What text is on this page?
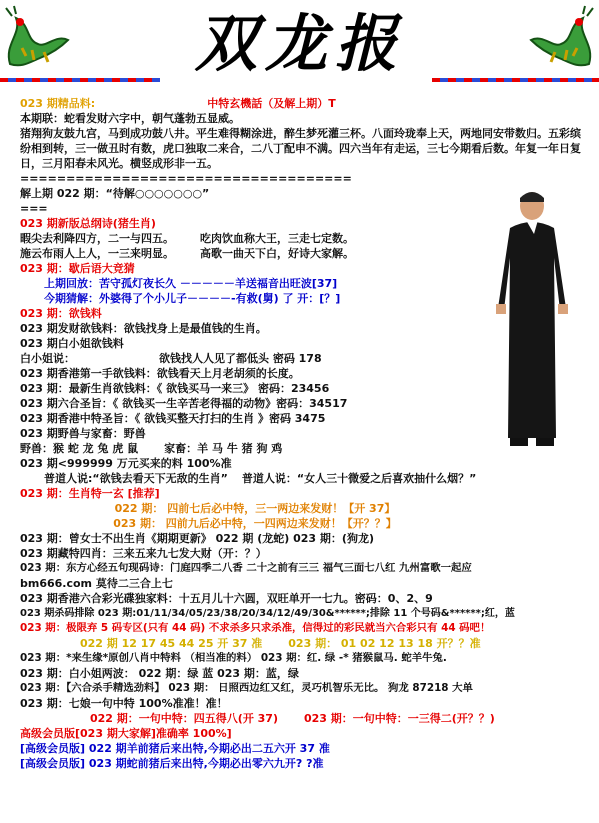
双龙报
023 期精品料:	中特玄機話（及解上期）T
本期联：蛇看发财六字中，朝气蓬勃五显威。
猪翔狗友鼓九宫，马到成功鼓八井。平生难得糊涂进，醉生梦死灌三杯。八面玲珑奉上天，两地同安带数归。五彩缤纷相到转，三一做丑时有数，虎口独取二来合，二八丁配申不满。四六当年有走运，三七今期看后数。年复一年日复日，三月阳春未风光。横竖成形非一五。
====================================
解上期 022 期：“待解○○○○○○○”
===
023 期新版总纲诗(猪生肖)
暇尖去利降四方，二一与四五。 吃肉饮血称大王，三走七定数。
施云布雨人上人，一三来明显。 高歌一曲天下白，好诗大家解。
023 期：歇后语大竞猜
上期回放：苦守孤灯夜长久 －－－－－羊送福音出旺波[37]
今期猜解：外婆得了个小儿子－－－－-有救(舅) 了 开：[？]
023 期：欲钱料
023 期发财欲钱料：欲钱找身上是最值钱的生肖。
023 期白小姐欲钱料
白小姐说：	欲钱找人人见了都低头 密码 178
023 期香港第一手欲钱料：欲钱看天上月老胡须的长度。
023 期：最新生肖欲钱料：《 欲钱买马一来三》 密码：23456
023 期六合圣旨：《 欲钱买一生辛苦老得福的动物》密码：34517
023 期香港中特圣旨：《 欲钱买整天打扫的生肖 》密码 3475
023 期野兽与家畜：野兽
野兽：猴 蛇 龙 兔 虎 鼠 家畜：羊 马 牛 猪 狗 鸡
023 期<999999 万元买来的料 100%准
普道人说:“欲钱去看天下无敌的生肖” 普道人说：“女人三十微爱之后喜欢抽什么烟？”
023 期：生肖特一玄 [推荐]
022 期： 四前七后必中特，三一两边来发财！【开 37】
023 期： 四前九后必中特，一四两边来发财！【开？？】
023 期：曾女士不出生肖《期期更新》 022 期 (龙蛇) 023 期：(狗龙)
023 期藏特四肖：三来五来九七发大财（开：？）
023 期：东方心经五句现码诗：门庭四季二八香 二十之前有三三 福气三面七八红 九州富歌一起应
bm666.com 莫待二三合上七
023 期香港六合彩光碟独家料：十五月儿十六圆，双旺单开一七九。密码：0、2、9
023 期杀码排除 023 期:01/11/34/05/23/38/20/34/12/49/30&******;排除 11 个号码&******;红，蓝
023 期：极限弃 5 码专区(只有 44 码) 不求杀多只求杀准，信得过的彩民就当六合彩只有 44 码吧！
022 期 12 17 45 44 25 开 37 准 023 期： 01 02 12 13 18 开？？准
023 期：*来生缘*原创八肖中特料 （相当准的料） 023 期：红. 绿 -* 猪猴鼠马. 蛇羊牛兔.
023 期：白小姐两波： 022 期：绿 蓝 023 期：蓝，绿
023 期：【六合杀手精选劲料】 023 期： 日照西边红又红，灵巧机智乐无比。 狗龙 87218 大单
023 期：七娘一句中特 100%准准！准！
022 期：一句中特：四五得八(开 37) 023 期：一句中特：一三得二(开？？)
高级会员版[023 期大家解]准确率 100%]
[高级会员版] 022 期羊前猪后来出特,今期必出二五六开 37 准
[高级会员版] 023 期蛇前猪后来出特,今期必出零六九开? ?准
